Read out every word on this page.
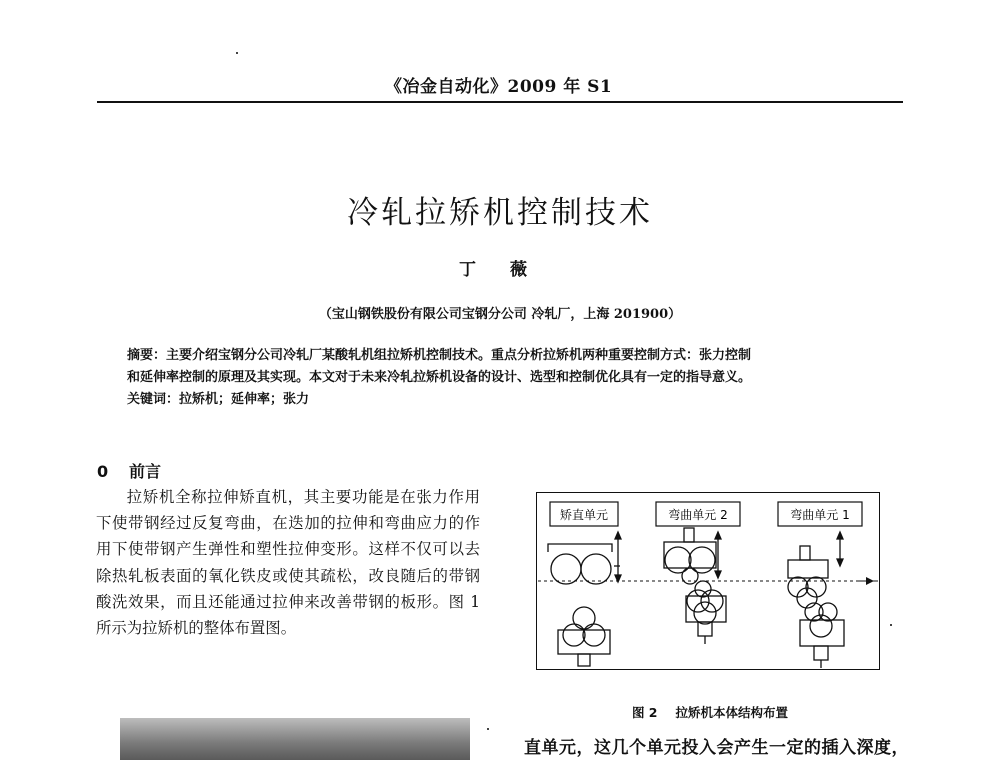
《冶金自动化》2009 年 S1
冷轧拉矫机控制技术
丁 薇
（宝山钢铁股份有限公司宝钢分公司 冷轧厂，上海 201900）

摘要：主要介绍宝钢分公司冷轧厂某酸轧机组拉矫机控制技术。重点分析拉矫机两种重要控制方式：张力控制

和延伸率控制的原理及其实现。本文对于未来冷轧拉矫机设备的设计、选型和控制优化具有一定的指导意义。

关键词：拉矫机；延伸率；张力

0 前言

拉矫机全称拉伸矫直机，其主要功能是在张力作用下使带钢经过反复弯曲，在迭加的拉伸和弯曲应力的作用下使带钢产生弹性和塑性拉伸变形。这样不仅可以去除热轧板表面的氧化铁皮或使其疏松，改良随后的带钢酸洗效果，而且还能通过拉伸来改善带钢的板形。图 1 所示为拉矫机的整体布置图。

矫直单元	弯曲单元 2	弯曲单元 1
图 2 拉矫机本体结构布置
直单元，这几个单元投入会产生一定的插入深度，
